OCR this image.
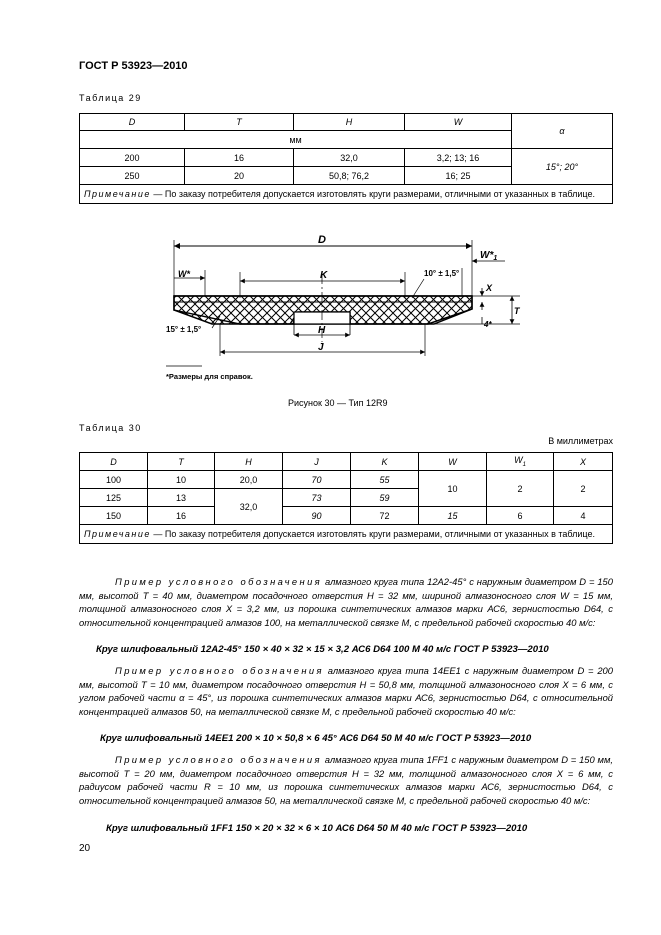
ГОСТ Р 53923—2010
Таблица 29
D	T	H	W	α
мм				
200	16	32,0	3,2; 13; 16	15°; 20°
250	20	50,8; 76,2	16; 25	
Примечание — По заказу потребителя допускается изготовлять круги размерами, отличными от указанных в таблице.				
D
$W*_1$
W*	K	10° ± 1,5°
X
T
4*
15° ± 1,5°	H
J
*Размеры для справок.
Рисунок 30 — Тип 12R9
Таблица 30
В миллиметрах
D	T	H	J	K	W	$W_1$	X
100	10	20,0	70	55	10	2	2
125	13	32,0	73	59			
150	16		90	72	15	6	4
Примечание — По заказу потребителя допускается изготовлять круги размерами, отличными от указанных в таблице.							
Пример условного обозначения алмазного круга типа 12А2-45° с наружным диаметром D = 150 мм, высотой Т = 40 мм, диаметром посадочного отверстия Н = 32 мм, шириной алмазоносного слоя W = 15 мм, толщиной алмазоносного слоя X = 3,2 мм, из порошка синтетических алмазов марки АС6, зернистостью D64, с относительной концентрацией алмазов 100, на металлической связке М, с предельной рабочей скоростью 40 м/с:
Круг шлифовальный 12А2-45° 150 × 40 × 32 × 15 × 3,2 АС6 D64 100 М 40 м/с ГОСТ Р 53923—2010
Пример условного обозначения алмазного круга типа 14ЕЕ1 с наружным диаметром D = 200 мм, высотой Т = 10 мм, диаметром посадочного отверстия Н = 50,8 мм, толщиной алмазоносного слоя X = 6 мм, с углом рабочей части α = 45°, из порошка синтетических алмазов марки АС6, зернистостью D64, с относительной концентрацией алмазов 50, на металлической связке М, с предельной рабочей скоростью 40 м/с:
Круг шлифовальный 14ЕЕ1 200 × 10 × 50,8 × 6 45° АС6 D64 50 М 40 м/с ГОСТ Р 53923—2010
Пример условного обозначения алмазного круга типа 1FF1 с наружным диаметром D = 150 мм, высотой Т = 20 мм, диаметром посадочного отверстия Н = 32 мм, толщиной алмазоносного слоя X = 6 мм, с радиусом рабочей части R = 10 мм, из порошка синтетических алмазов марки АС6, зернистостью D64, с относительной концентрацией алмазов 50, на металлической связке М, с предельной рабочей скоростью 40 м/с:
Круг шлифовальный 1FF1 150 × 20 × 32 × 6 × 10 АС6 D64 50 М 40 м/с ГОСТ Р 53923—2010
20
